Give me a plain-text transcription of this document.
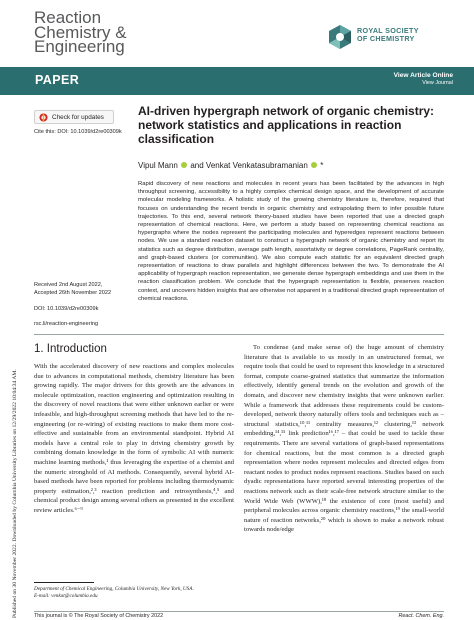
Reaction
Chemistry &
Engineering
ROYAL SOCIETY
OF CHEMISTRY
PAPER	View Article Online
View Journal
Published on 30 November 2022. Downloaded by Columbia University Libraries on 12/29/2022 10:04:34 AM.
Check for updates
Cite this: DOI: 10.1039/d2re00309k
Received 2nd August 2022,
Accepted 26th November 2022
DOI: 10.1039/d2re00309k
rsc.li/reaction-engineering
AI-driven hypergraph network of organic chemistry: network statistics and applications in reaction classification
Vipul Mann and Venkat Venkatasubramanian *
Rapid discovery of new reactions and molecules in recent years has been facilitated by the advances in high throughput screening, accessibility to a highly complex chemical design space, and the development of accurate molecular modeling frameworks. A holistic study of the growing chemistry literature is, therefore, required that focuses on understanding the recent trends in organic chemistry and extrapolating them to infer possible future trajectories. To this end, several network theory-based studies have been reported that use a directed graph representation of chemical reactions. Here, we perform a study based on representing chemical reactions as hypergraphs where the nodes represent the participating molecules and hyperedges represent reactions between nodes. We use a standard reaction dataset to construct a hypergraph network of organic chemistry and report its statistics such as degree distribution, average path length, assortativity or degree correlations, PageRank centrality, and graph-based clusters (or communities). We also compute each statistic for an equivalent directed graph representation of reactions to draw parallels and highlight differences between the two. To demonstrate the AI applicability of hypergraph reaction representation, we generate dense hypergraph embeddings and use them in the reaction classification problem. We conclude that the hypergraph representation is flexible, preserves reaction context, and uncovers hidden insights that are otherwise not apparent in a traditional directed graph representation of chemical reactions.
1. Introduction
With the accelerated discovery of new reactions and complex molecules due to advances in computational methods, chemistry literature has been growing rapidly. The major drivers for this growth are the advances in molecule optimization, reaction engineering and optimization resulting in the discovery of novel reactions that were either unknown earlier or were infeasible, and high-throughput screening methods that have led to the re-engineering (or re-wiring) of existing reactions to make them more cost-effective and sustainable from an environmental standpoint. Hybrid AI models have a central role to play in driving chemistry growth by combining domain knowledge in the form of symbolic AI with numeric machine learning methods,¹ thus leveraging the expertise of a chemist and the numeric stronghold of AI methods. Consequently, several hybrid AI-based methods have been reported for problems including thermodynamic property estimation,²,³ reaction prediction and retrosynthesis,⁴,⁵ and chemical product design among several others as presented in the excellent review articles.⁶⁻⁹
To condense (and make sense of) the huge amount of chemistry literature that is available to us mostly in an unstructured format, we require tools that could be used to represent this knowledge in a structured format, compute coarse-grained statistics that summarize the information effectively, identify general trends on the evolution and growth of the domain, and discover new chemistry insights that were unknown earlier. While a framework that addresses these requirements could be custom-developed, network theory naturally offers tools and techniques such as – structural statistics,¹⁰,¹¹ centrality measures,¹² clustering,¹³ network embedding,¹⁴,¹⁵ link prediction¹⁶,¹⁷ – that could be used to tackle these requirements. There are several variations of graph-based representations for chemical reactions, but the most common is a directed graph representation where nodes represent molecules and directed edges from reactant nodes to product nodes represent reactions. Studies based on such dyadic representations have reported several interesting properties of the reactions network such as their scale-free network structure similar to the World Wide Web (WWW),¹⁸ the existence of core (most useful) and peripheral molecules across organic chemistry reactions,¹⁹ the small-world nature of reaction networks,²⁰ which is shown to make a network robust towards node/edge
Department of Chemical Engineering, Columbia University, New York, USA.
E-mail: venkat@columbia.edu
This journal is © The Royal Society of Chemistry 2022	React. Chem. Eng.
